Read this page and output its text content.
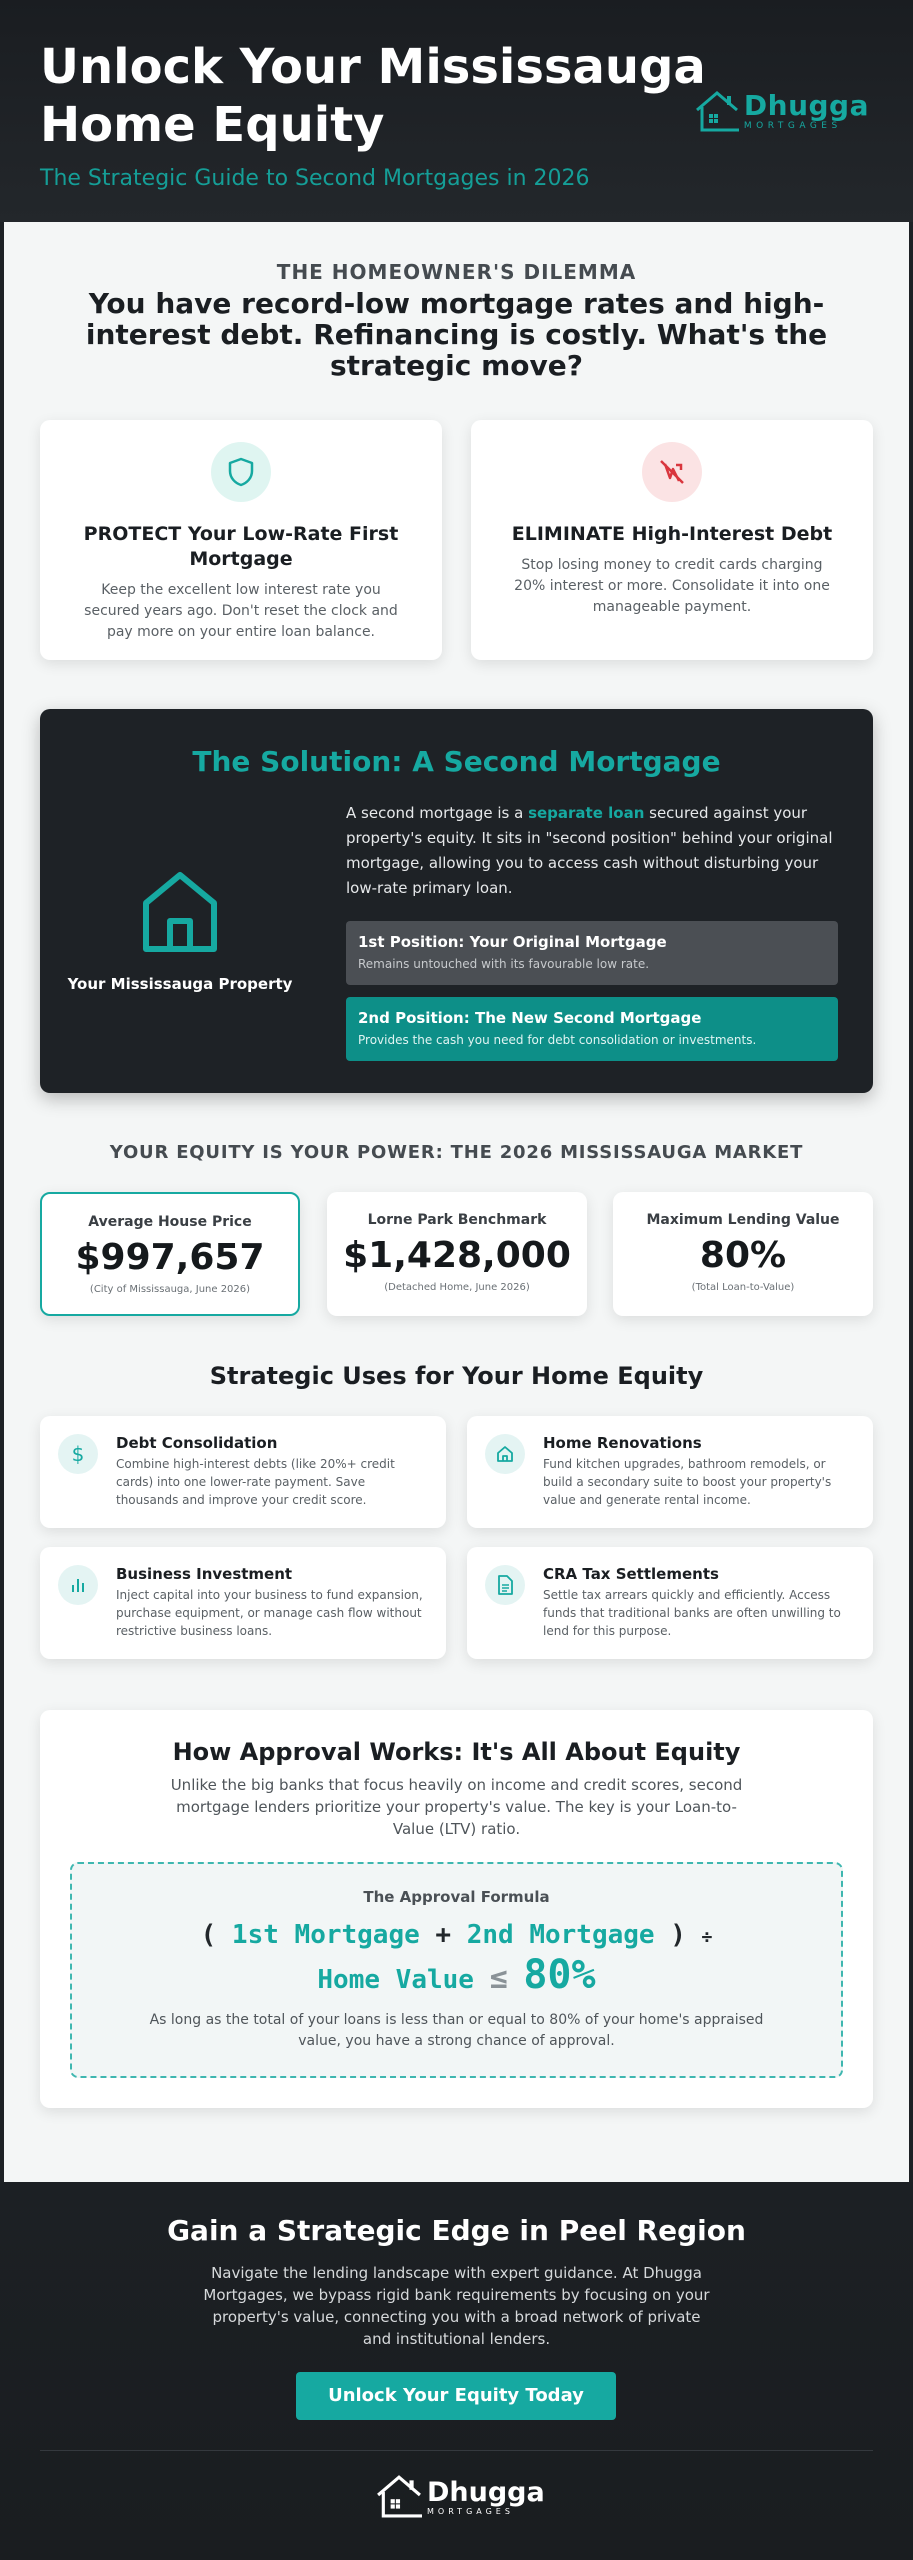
Unlock Your Mississauga Home Equity
The Strategic Guide to Second Mortgages in 2026
Dhugga
MORTGAGES
THE HOMEOWNER'S DILEMMA
You have record-low mortgage rates and high-interest debt. Refinancing is costly. What's the strategic move?
PROTECT Your Low-Rate First Mortgage

Keep the excellent low interest rate you secured years ago. Don't reset the clock and pay more on your entire loan balance.

ELIMINATE High-Interest Debt

Stop losing money to credit cards charging 20% interest or more. Consolidate it into one manageable payment.

The Solution: A Second Mortgage
Your Mississauga Property
A second mortgage is a separate loan secured against your property's equity. It sits in "second position" behind your original mortgage, allowing you to access cash without disturbing your low-rate primary loan.
1st Position: Your Original Mortgage
Remains untouched with its favourable low rate.
2nd Position: The New Second Mortgage
Provides the cash you need for debt consolidation or investments.
YOUR EQUITY IS YOUR POWER: THE 2026 MISSISSAUGA MARKET
Average House Price
$997,657
(City of Mississauga, June 2026)
Lorne Park Benchmark
$1,428,000
(Detached Home, June 2026)
Maximum Lending Value
80%
(Total Loan-to-Value)
Strategic Uses for Your Home Equity
$ Debt Consolidation

Combine high-interest debts (like 20%+ credit cards) into one lower-rate payment. Save thousands and improve your credit score.

Home Renovations

Fund kitchen upgrades, bathroom remodels, or build a secondary suite to boost your property's value and generate rental income.

Business Investment

Inject capital into your business to fund expansion, purchase equipment, or manage cash flow without restrictive business loans.

CRA Tax Settlements

Settle tax arrears quickly and efficiently. Access funds that traditional banks are often unwilling to lend for this purpose.

How Approval Works: It's All About Equity
Unlike the big banks that focus heavily on income and credit scores, second mortgage lenders prioritize your property's value. The key is your Loan-to-Value (LTV) ratio.
The Approval Formula
( 1st Mortgage + 2nd Mortgage ) ÷
Home Value ≤ 80%
As long as the total of your loans is less than or equal to 80% of your home's appraised value, you have a strong chance of approval.
Gain a Strategic Edge in Peel Region
Navigate the lending landscape with expert guidance. At Dhugga Mortgages, we bypass rigid bank requirements by focusing on your property's value, connecting you with a broad network of private and institutional lenders.
Unlock Your Equity Today
Dhugga
MORTGAGES
